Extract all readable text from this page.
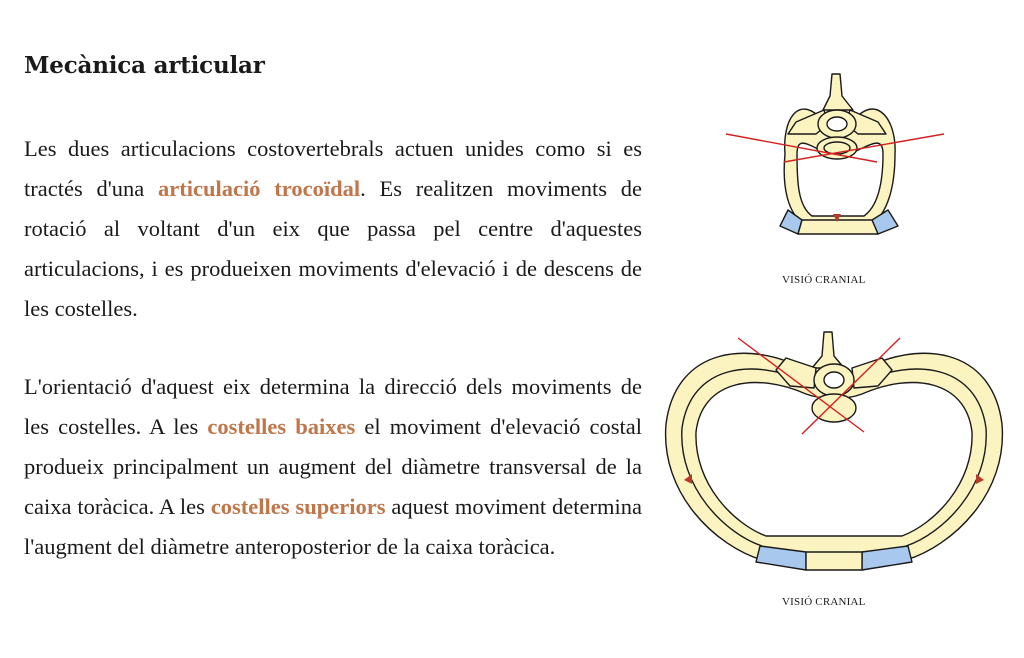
Mecànica articular

Les dues articulacions costovertebrals actuen unides como si es tractés d'una articulació trocoïdal. Es realitzen moviments de rotació al voltant d'un eix que passa pel centre d'aquestes articulacions, i es produeixen moviments d'elevació i de descens de les costelles.

L'orientació d'aquest eix determina la direcció dels moviments de les costelles. A les costelles baixes el moviment d'elevació costal produeix principalment un augment del diàmetre transversal de la caixa toràcica. A les costelles superiors aquest moviment determina l'augment del diàmetre anteroposterior de la caixa toràcica.

VISIÓ CRANIAL
VISIÓ CRANIAL
